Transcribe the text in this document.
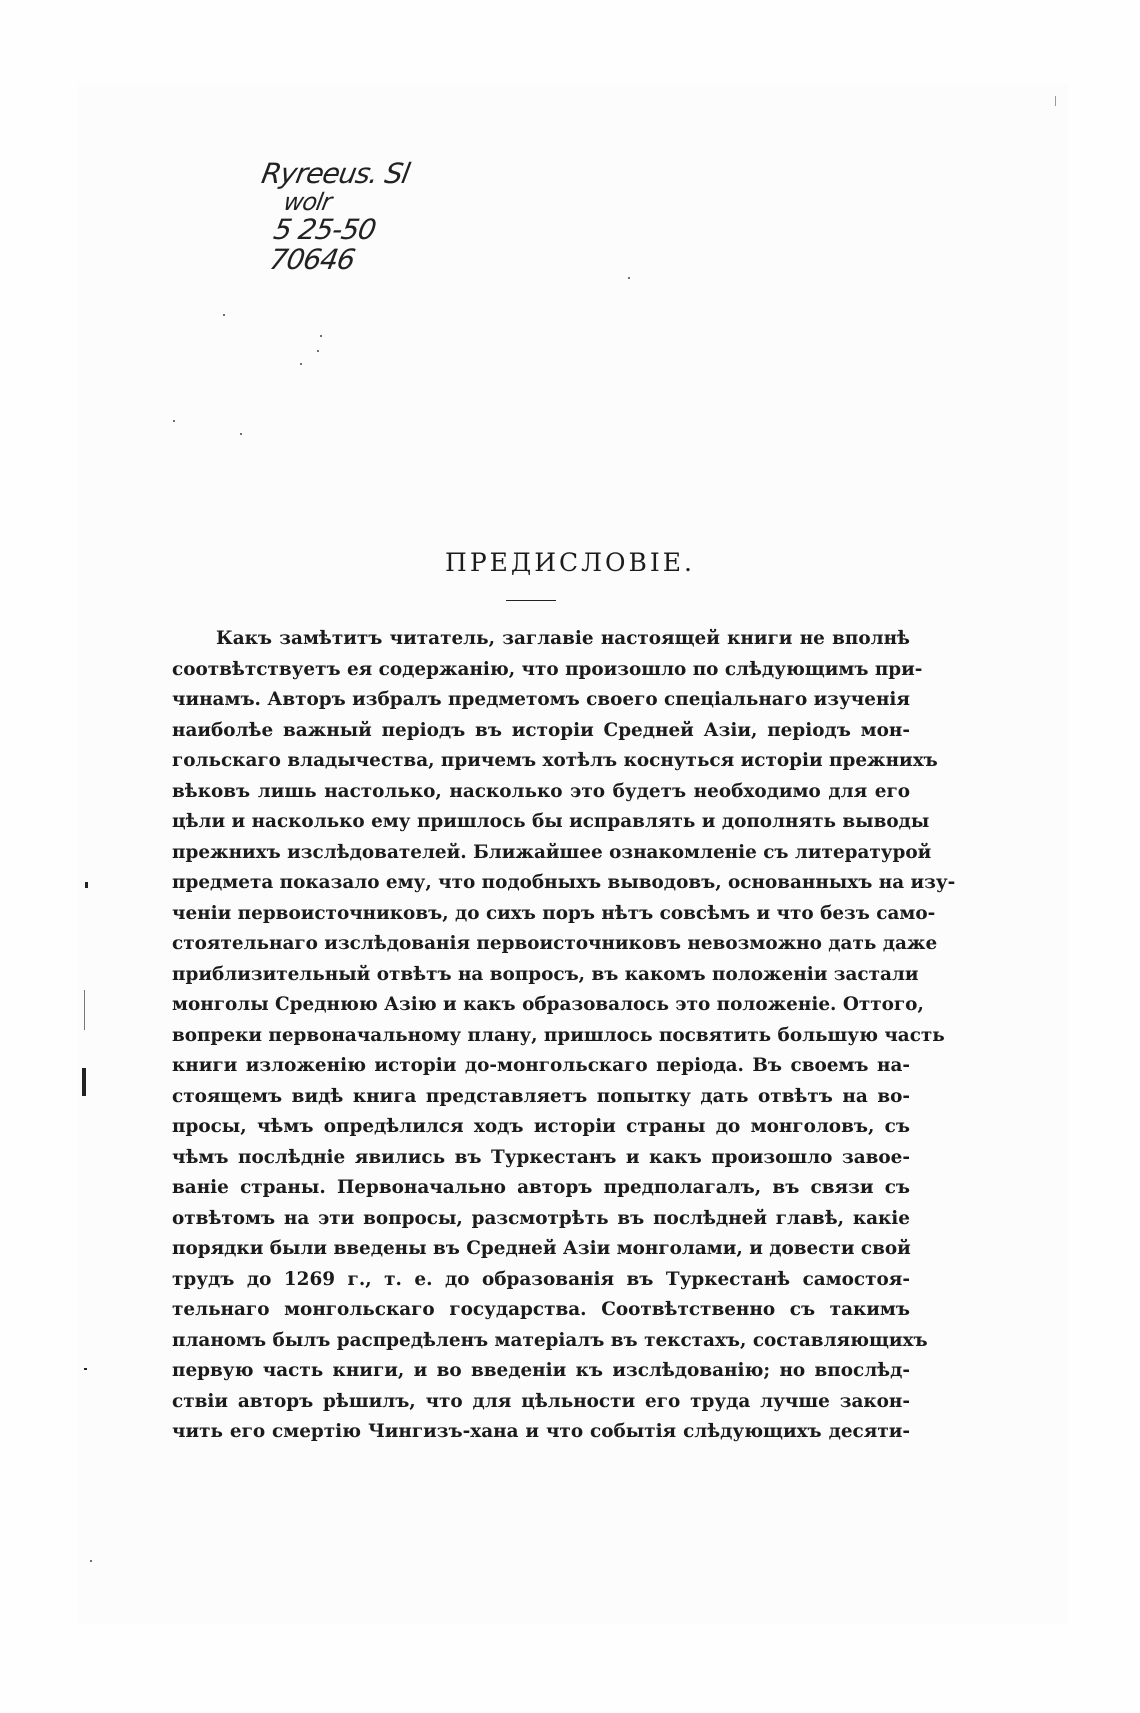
Ryreeus. Sl
wolr
5 25-50
70646
ПРЕДИСЛОВІЕ.
Какъ замѣтитъ читатель, заглавіе настоящей книги не вполнѣ
соотвѣтствуетъ ея содержанію, что произошло по слѣдующимъ при-
чинамъ. Авторъ избралъ предметомъ своего спеціальнаго изученія
наиболѣе важный періодъ въ исторіи Средней Азіи, періодъ мон-
гольскаго владычества, причемъ хотѣлъ коснуться исторіи прежнихъ
вѣковъ лишь настолько, насколько это будетъ необходимо для его
цѣли и насколько ему пришлось бы исправлять и дополнять выводы
прежнихъ изслѣдователей. Ближайшее ознакомленіе съ литературой
предмета показало ему, что подобныхъ выводовъ, основанныхъ на изу-
ченіи первоисточниковъ, до сихъ поръ нѣтъ совсѣмъ и что безъ само-
стоятельнаго изслѣдованія первоисточниковъ невозможно дать даже
приблизительный отвѣтъ на вопросъ, въ какомъ положеніи застали
монголы Среднюю Азію и какъ образовалось это положеніе. Оттого,
вопреки первоначальному плану, пришлось посвятить большую часть
книги изложенію исторіи до-монгольскаго періода. Въ своемъ на-
стоящемъ видѣ книга представляетъ попытку дать отвѣтъ на во-
просы, чѣмъ опредѣлился ходъ исторіи страны до монголовъ, съ
чѣмъ послѣдніе явились въ Туркестанъ и какъ произошло завое-
ваніе страны. Первоначально авторъ предполагалъ, въ связи съ
отвѣтомъ на эти вопросы, разсмотрѣть въ послѣдней главѣ, какіе
порядки были введены въ Средней Азіи монголами, и довести свой
трудъ до 1269 г., т. е. до образованія въ Туркестанѣ самостоя-
тельнаго монгольскаго государства. Соотвѣтственно съ такимъ
планомъ былъ распредѣленъ матеріалъ въ текстахъ, составляющихъ
первую часть книги, и во введеніи къ изслѣдованію; но впослѣд-
ствіи авторъ рѣшилъ, что для цѣльности его труда лучше закон-
чить его смертію Чингизъ-хана и что событія слѣдующихъ десяти-
